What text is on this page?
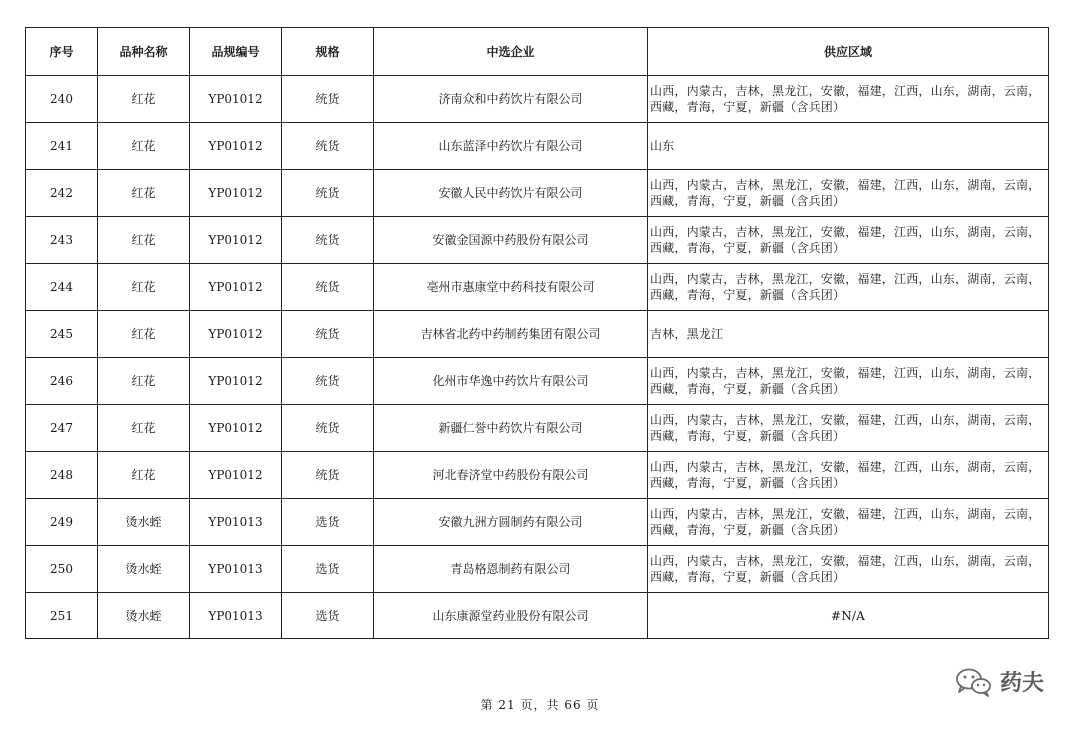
序号	品种名称	品规编号	规格	中选企业	供应区域
240	红花	YP01012	统货	济南众和中药饮片有限公司	山西，内蒙古，吉林，黑龙江，安徽，福建，江西，山东，湖南，云南，西藏，青海，宁夏，新疆（含兵团）
241	红花	YP01012	统货	山东蓝泽中药饮片有限公司	山东
242	红花	YP01012	统货	安徽人民中药饮片有限公司	山西，内蒙古，吉林，黑龙江，安徽，福建，江西，山东，湖南，云南，西藏，青海，宁夏，新疆（含兵团）
243	红花	YP01012	统货	安徽金国源中药股份有限公司	山西，内蒙古，吉林，黑龙江，安徽，福建，江西，山东，湖南，云南，西藏，青海，宁夏，新疆（含兵团）
244	红花	YP01012	统货	亳州市惠康堂中药科技有限公司	山西，内蒙古，吉林，黑龙江，安徽，福建，江西，山东，湖南，云南，西藏，青海，宁夏，新疆（含兵团）
245	红花	YP01012	统货	吉林省北药中药制药集团有限公司	吉林，黑龙江
246	红花	YP01012	统货	化州市华逸中药饮片有限公司	山西，内蒙古，吉林，黑龙江，安徽，福建，江西，山东，湖南，云南，西藏，青海，宁夏，新疆（含兵团）
247	红花	YP01012	统货	新疆仁誉中药饮片有限公司	山西，内蒙古，吉林，黑龙江，安徽，福建，江西，山东，湖南，云南，西藏，青海，宁夏，新疆（含兵团）
248	红花	YP01012	统货	河北春济堂中药股份有限公司	山西，内蒙古，吉林，黑龙江，安徽，福建，江西，山东，湖南，云南，西藏，青海，宁夏，新疆（含兵团）
249	烫水蛭	YP01013	选货	安徽九洲方圆制药有限公司	山西，内蒙古，吉林，黑龙江，安徽，福建，江西，山东，湖南，云南，西藏，青海，宁夏，新疆（含兵团）
250	烫水蛭	YP01013	选货	青岛格恩制药有限公司	山西，内蒙古，吉林，黑龙江，安徽，福建，江西，山东，湖南，云南，西藏，青海，宁夏，新疆（含兵团）
251	烫水蛭	YP01013	选货	山东康源堂药业股份有限公司	#N/A
药夫
第 21 页，共 66 页
